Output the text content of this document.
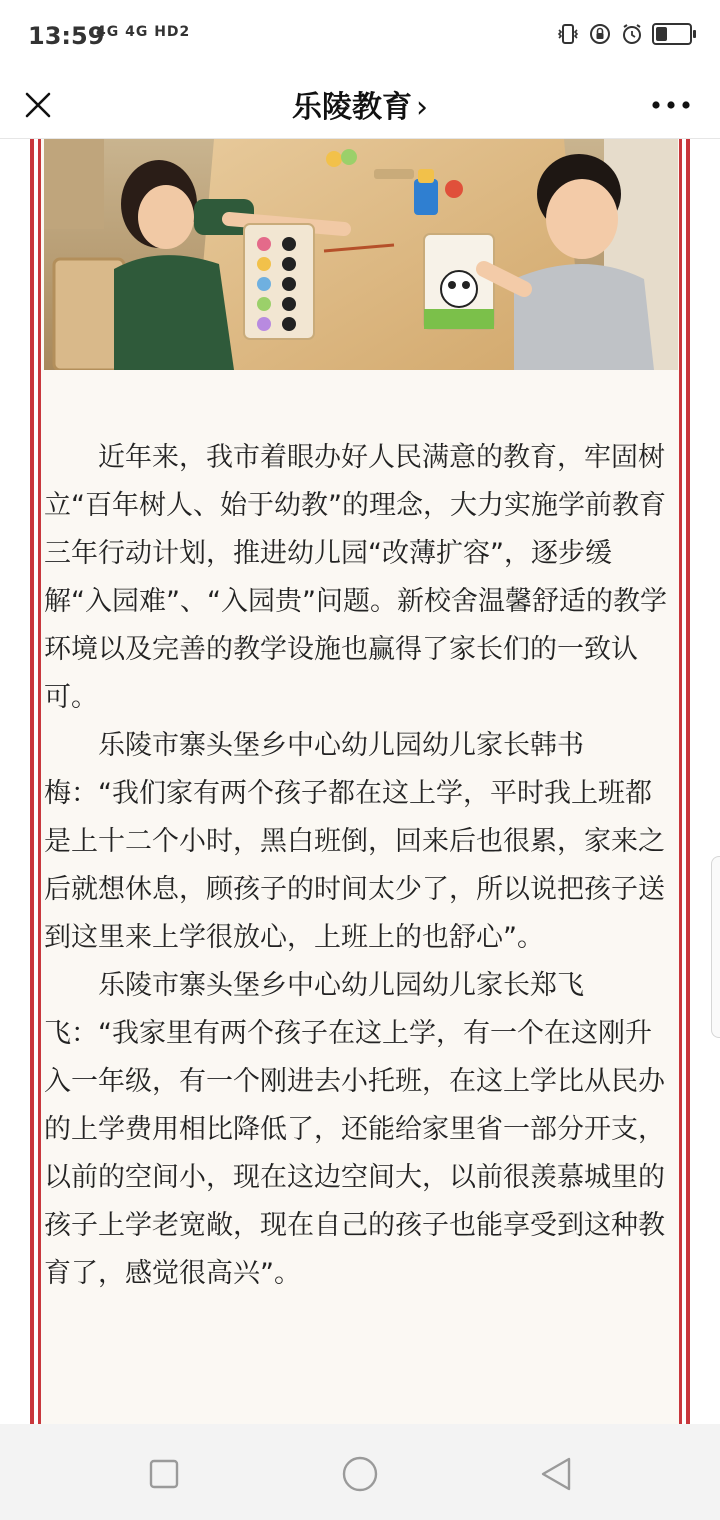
13:59
4G 4G HD2
乐陵教育 ›

近年来，我市着眼办好人民满意的教育，牢固树立“百年树人、始于幼教”的理念，大力实施学前教育三年行动计划，推进幼儿园“改薄扩容”，逐步缓解“入园难”、“入园贵”问题。新校舍温馨舒适的教学环境以及完善的教学设施也赢得了家长们的一致认可。

乐陵市寨头堡乡中心幼儿园幼儿家长韩书梅：“我们家有两个孩子都在这上学，平时我上班都是上十二个小时，黑白班倒，回来后也很累，家来之后就想休息，顾孩子的时间太少了，所以说把孩子送到这里来上学很放心，上班上的也舒心”。

乐陵市寨头堡乡中心幼儿园幼儿家长郑飞飞：“我家里有两个孩子在这上学，有一个在这刚升入一年级，有一个刚进去小托班，在这上学比从民办的上学费用相比降低了，还能给家里省一部分开支，以前的空间小，现在这边空间大，以前很羡慕城里的孩子上学老宽敞，现在自己的孩子也能享受到这种教育了，感觉很高兴”。
